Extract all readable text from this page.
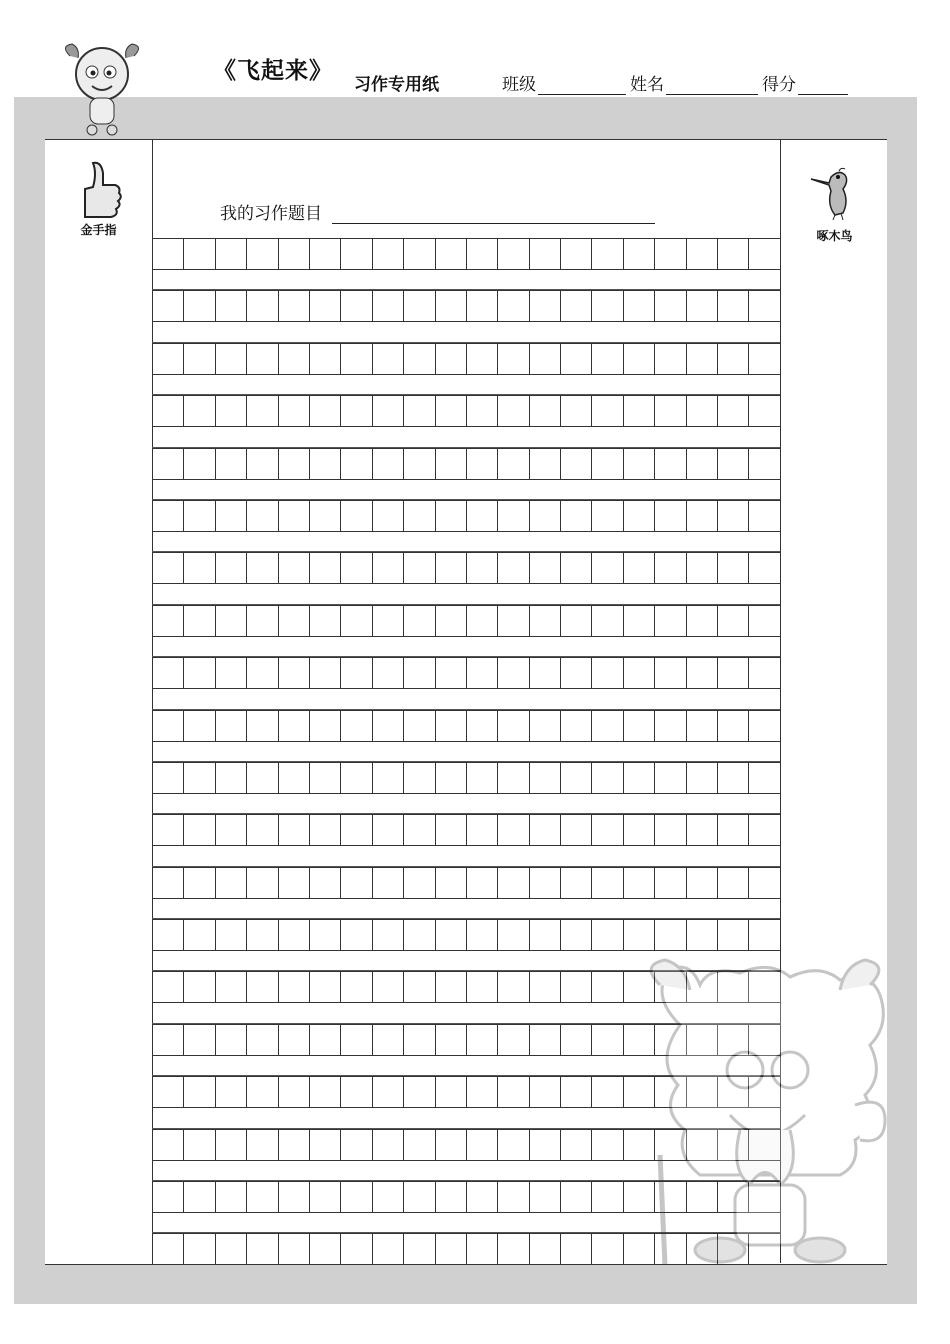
《飞起来》
习作专用纸	班级	姓名	得分
金手指	啄木鸟
我的习作题目
